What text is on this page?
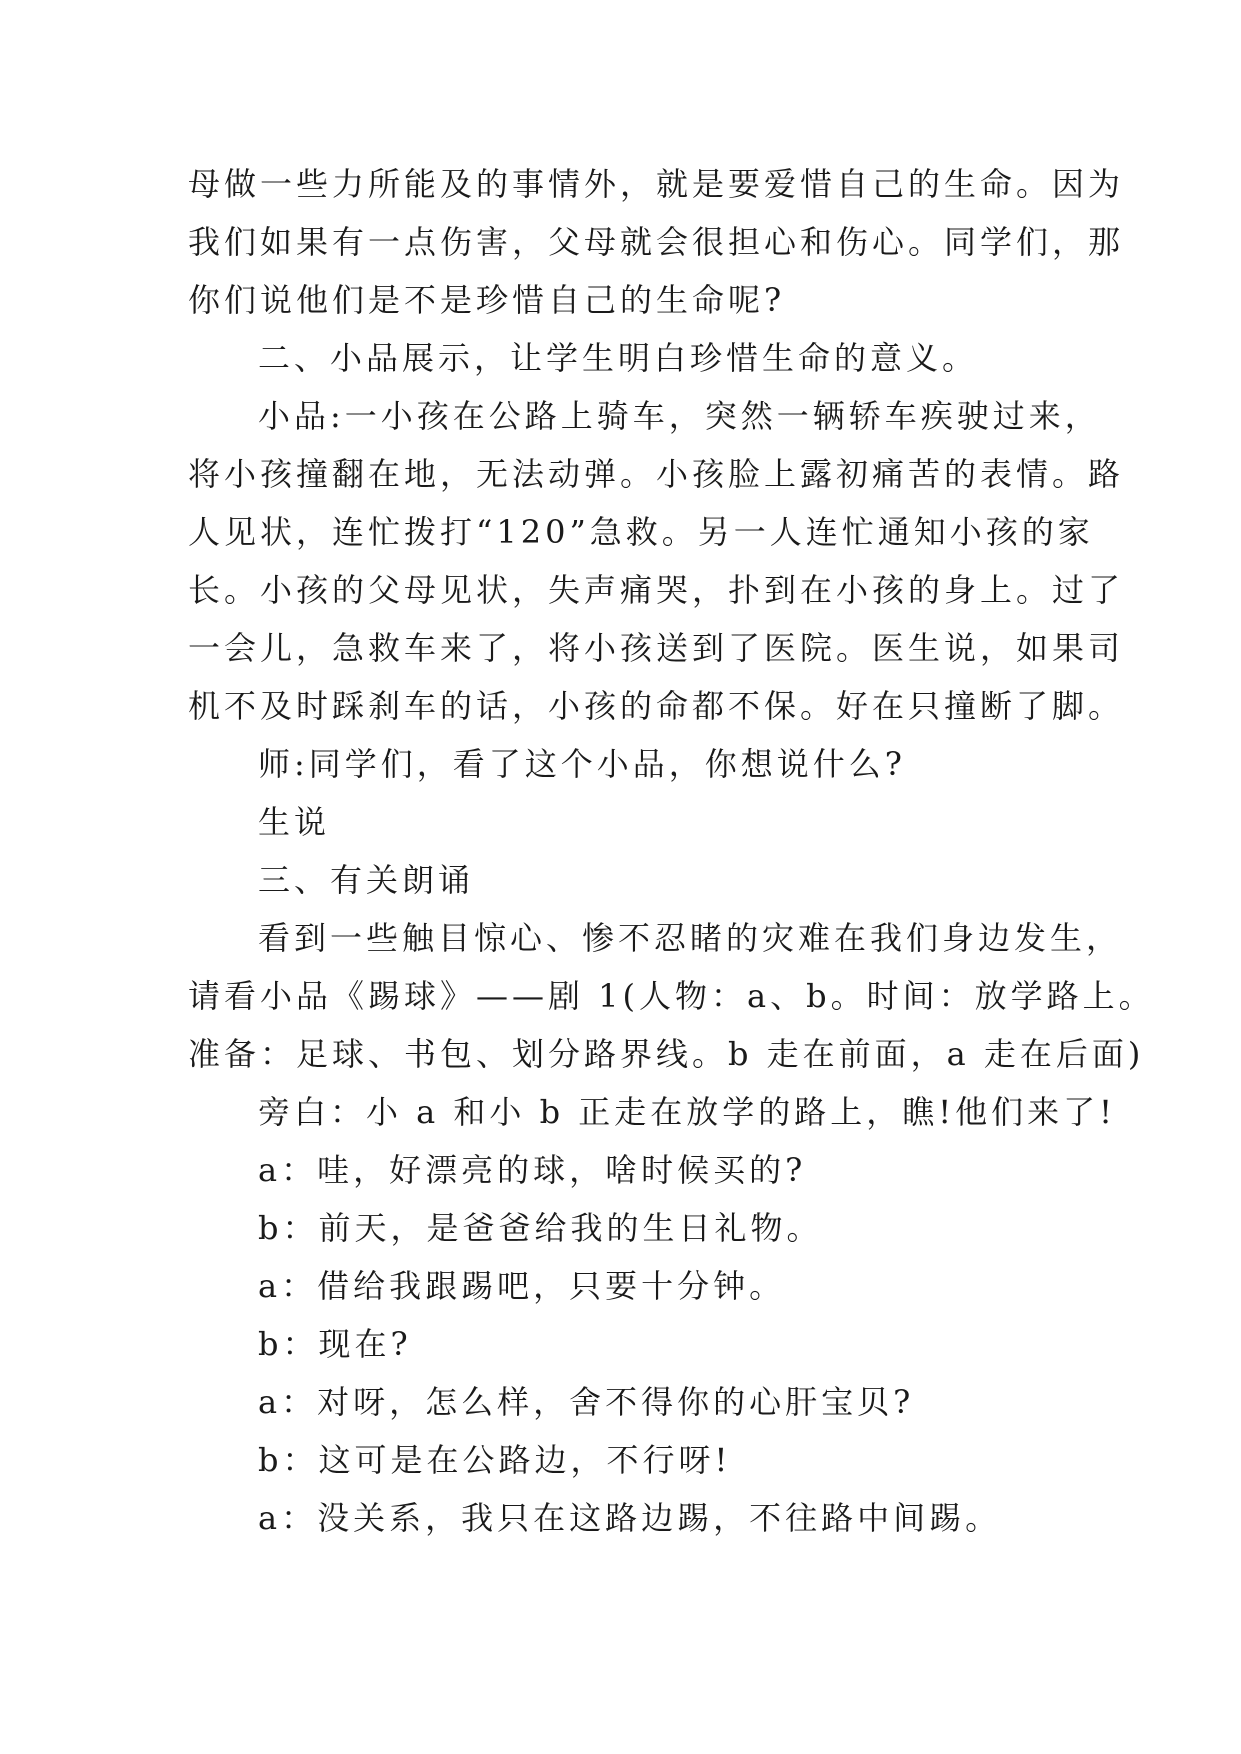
母做一些力所能及的事情外，就是要爱惜自己的生命。因为
我们如果有一点伤害，父母就会很担心和伤心。同学们，那
你们说他们是不是珍惜自己的生命呢?
二、小品展示，让学生明白珍惜生命的意义。
小品:一小孩在公路上骑车，突然一辆轿车疾驶过来，
将小孩撞翻在地，无法动弹。小孩脸上露初痛苦的表情。路
人见状，连忙拨打“120”急救。另一人连忙通知小孩的家
长。小孩的父母见状，失声痛哭，扑到在小孩的身上。过了
一会儿，急救车来了，将小孩送到了医院。医生说，如果司
机不及时踩刹车的话，小孩的命都不保。好在只撞断了脚。
师:同学们，看了这个小品，你想说什么?
生说
三、有关朗诵
看到一些触目惊心、惨不忍睹的灾难在我们身边发生，
请看小品《踢球》——剧 1(人物：a、b。时间：放学路上。
准备：足球、书包、划分路界线。b 走在前面，a 走在后面)
旁白：小 a 和小 b 正走在放学的路上，瞧!他们来了!
a：哇，好漂亮的球，啥时候买的?
b：前天，是爸爸给我的生日礼物。
a：借给我跟踢吧，只要十分钟。
b：现在?
a：对呀，怎么样，舍不得你的心肝宝贝?
b：这可是在公路边，不行呀!
a：没关系，我只在这路边踢，不往路中间踢。
